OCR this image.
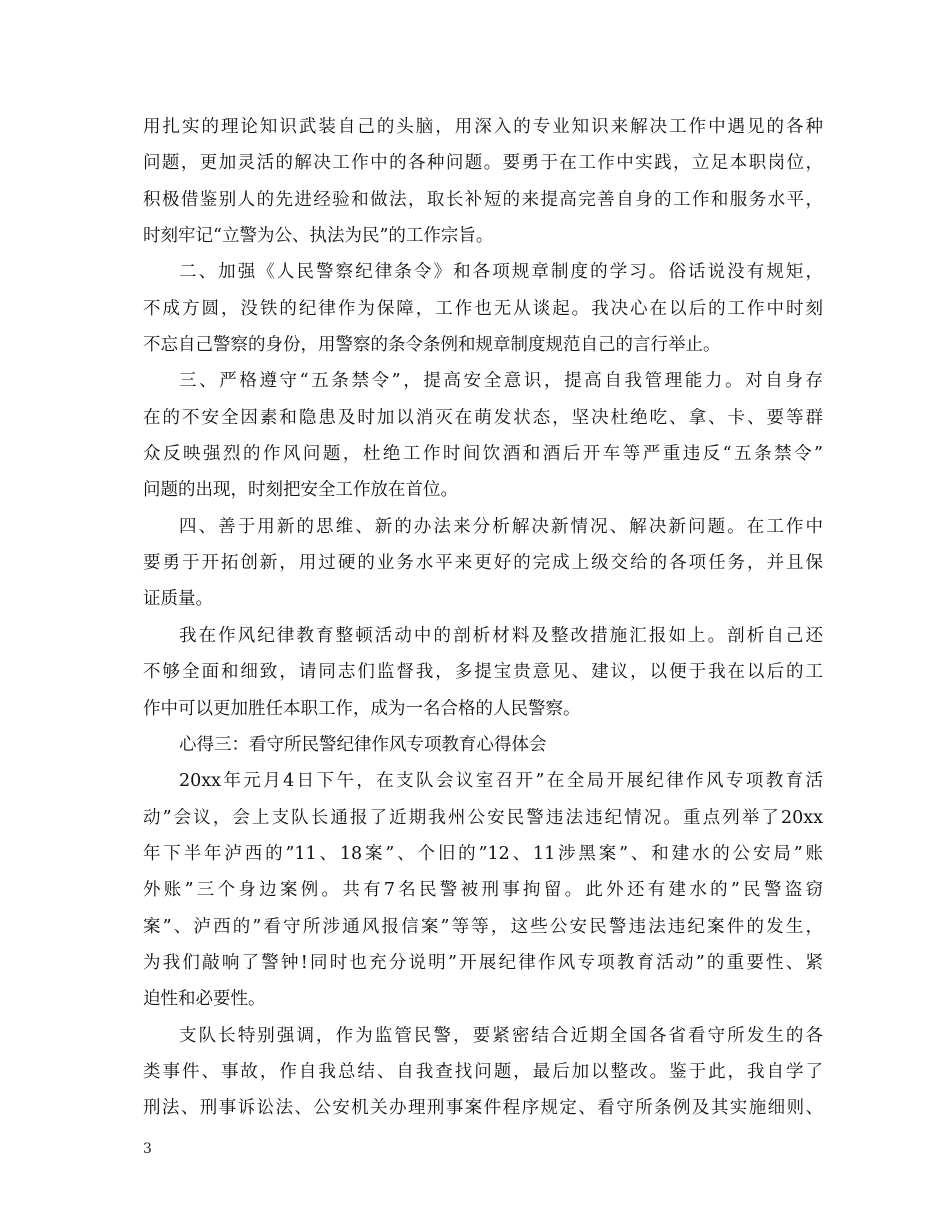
用扎实的理论知识武装自己的头脑，用深入的专业知识来解决工作中遇见的各种
问题，更加灵活的解决工作中的各种问题。要勇于在工作中实践，立足本职岗位，
积极借鉴别人的先进经验和做法，取长补短的来提高完善自身的工作和服务水平，
时刻牢记“立警为公、执法为民”的工作宗旨。
二、加强《人民警察纪律条令》和各项规章制度的学习。俗话说没有规矩，
不成方圆，没铁的纪律作为保障，工作也无从谈起。我决心在以后的工作中时刻
不忘自己警察的身份，用警察的条令条例和规章制度规范自己的言行举止。
三、严格遵守“五条禁令”，提高安全意识，提高自我管理能力。对自身存
在的不安全因素和隐患及时加以消灭在萌发状态，坚决杜绝吃、拿、卡、要等群
众反映强烈的作风问题，杜绝工作时间饮酒和酒后开车等严重违反“五条禁令”
问题的出现，时刻把安全工作放在首位。
四、善于用新的思维、新的办法来分析解决新情况、解决新问题。在工作中
要勇于开拓创新，用过硬的业务水平来更好的完成上级交给的各项任务，并且保
证质量。
我在作风纪律教育整顿活动中的剖析材料及整改措施汇报如上。剖析自己还
不够全面和细致，请同志们监督我，多提宝贵意见、建议，以便于我在以后的工
作中可以更加胜任本职工作，成为一名合格的人民警察。
心得三：看守所民警纪律作风专项教育心得体会
20xx年元月4日下午，在支队会议室召开”在全局开展纪律作风专项教育活
动”会议，会上支队长通报了近期我州公安民警违法违纪情况。重点列举了20xx
年下半年泸西的”11、18案”、个旧的”12、11涉黑案”、和建水的公安局”账
外账”三个身边案例。共有7名民警被刑事拘留。此外还有建水的”民警盗窃
案”、泸西的”看守所涉通风报信案”等等，这些公安民警违法违纪案件的发生，
为我们敲响了警钟!同时也充分说明”开展纪律作风专项教育活动”的重要性、紧
迫性和必要性。
支队长特别强调，作为监管民警，要紧密结合近期全国各省看守所发生的各
类事件、事故，作自我总结、自我查找问题，最后加以整改。鉴于此，我自学了
刑法、刑事诉讼法、公安机关办理刑事案件程序规定、看守所条例及其实施细则、
3
